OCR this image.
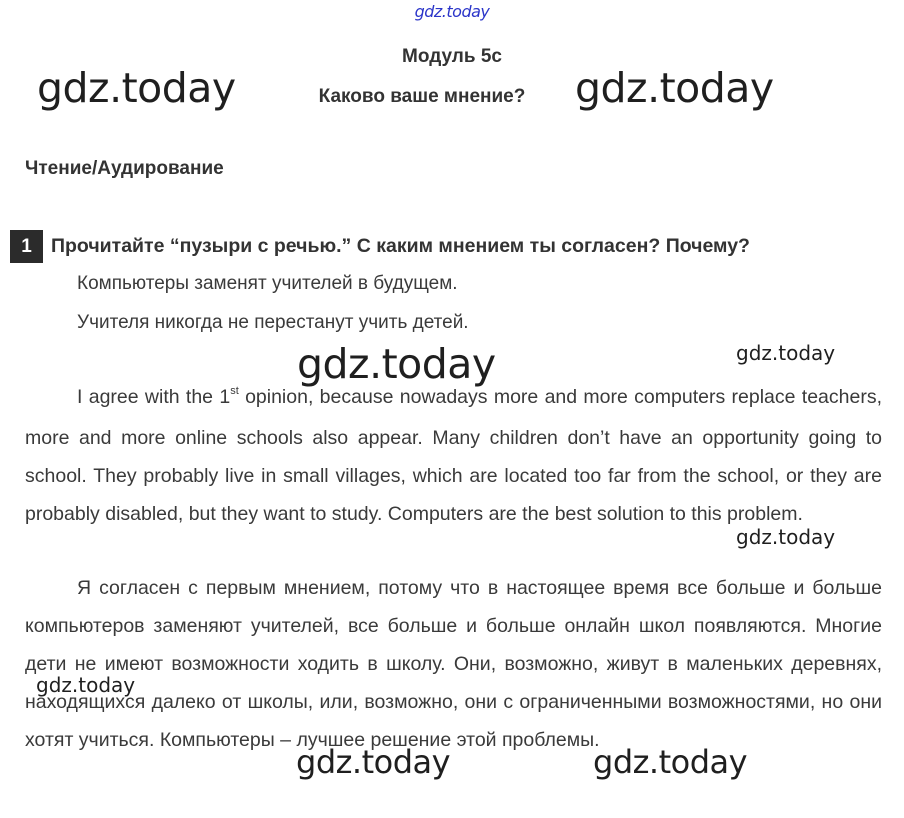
gdz.today
Модуль 5c
Каково ваше мнение?
gdz.today	gdz.today
Чтение/Аудирование
1 Прочитайте “пузыри с речью.” С каким мнением ты согласен? Почему?
Компьютеры заменят учителей в будущем.
Учителя никогда не перестанут учить детей.
gdz.today	gdz.today
I agree with the 1st opinion, because nowadays more and more computers replace teachers, more and more online schools also appear. Many children don’t have an opportunity going to school. They probably live in small villages, which are located too far from the school, or they are probably disabled, but they want to study. Computers are the best solution to this problem.
gdz.today
Я согласен с первым мнением, потому что в настоящее время все больше и больше компьютеров заменяют учителей, все больше и больше онлайн школ появляются. Многие дети не имеют возможности ходить в школу. Они, возможно, живут в маленьких деревнях, находящихся далеко от школы, или, возможно, они с ограниченными возможностями, но они хотят учиться. Компьютеры – лучшее решение этой проблемы.
gdz.today
gdz.today	gdz.today
